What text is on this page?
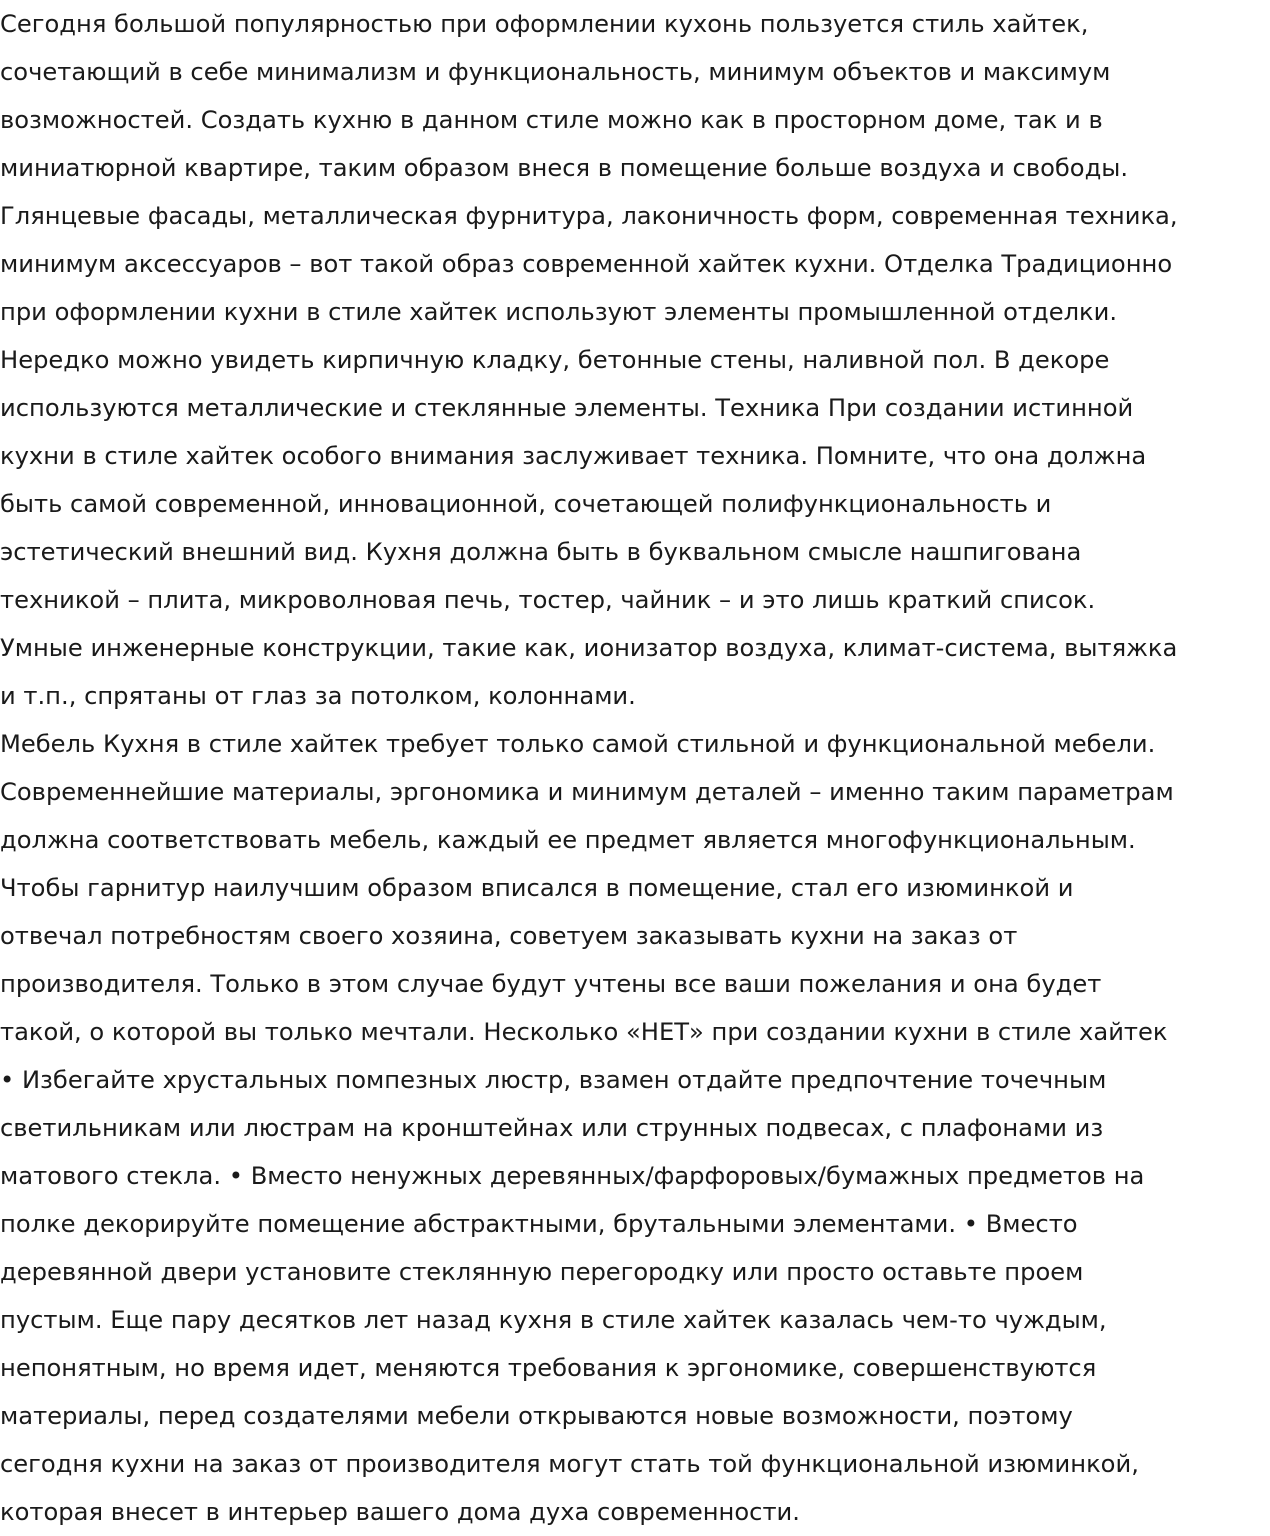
Сегодня большой популярностью при оформлении кухонь пользуется стиль хайтек,
сочетающий в себе минимализм и функциональность, минимум объектов и максимум
возможностей. Создать кухню в данном стиле можно как в просторном доме, так и в
миниатюрной квартире, таким образом внеся в помещение больше воздуха и свободы.
Глянцевые фасады, металлическая фурнитура, лаконичность форм, современная техника,
минимум аксессуаров – вот такой образ современной хайтек кухни. Отделка Традиционно
при оформлении кухни в стиле хайтек используют элементы промышленной отделки.
Нередко можно увидеть кирпичную кладку, бетонные стены, наливной пол. В декоре
используются металлические и стеклянные элементы. Техника При создании истинной
кухни в стиле хайтек особого внимания заслуживает техника. Помните, что она должна
быть самой современной, инновационной, сочетающей полифункциональность и
эстетический внешний вид. Кухня должна быть в буквальном смысле нашпигована
техникой – плита, микроволновая печь, тостер, чайник – и это лишь краткий список.
Умные инженерные конструкции, такие как, ионизатор воздуха, климат-система, вытяжка
и т.п., спрятаны от глаз за потолком, колоннами.
Мебель Кухня в стиле хайтек требует только самой стильной и функциональной мебели.
Современнейшие материалы, эргономика и минимум деталей – именно таким параметрам
должна соответствовать мебель, каждый ее предмет является многофункциональным.
Чтобы гарнитур наилучшим образом вписался в помещение, стал его изюминкой и
отвечал потребностям своего хозяина, советуем заказывать кухни на заказ от
производителя. Только в этом случае будут учтены все ваши пожелания и она будет
такой, о которой вы только мечтали. Несколько «НЕТ» при создании кухни в стиле хайтек
• Избегайте хрустальных помпезных люстр, взамен отдайте предпочтение точечным
светильникам или люстрам на кронштейнах или струнных подвесах, с плафонами из
матового стекла. • Вместо ненужных деревянных/фарфоровых/бумажных предметов на
полке декорируйте помещение абстрактными, брутальными элементами. • Вместо
деревянной двери установите стеклянную перегородку или просто оставьте проем
пустым. Еще пару десятков лет назад кухня в стиле хайтек казалась чем-то чуждым,
непонятным, но время идет, меняются требования к эргономике, совершенствуются
материалы, перед создателями мебели открываются новые возможности, поэтому
сегодня кухни на заказ от производителя могут стать той функциональной изюминкой,
которая внесет в интерьер вашего дома духа современности.
